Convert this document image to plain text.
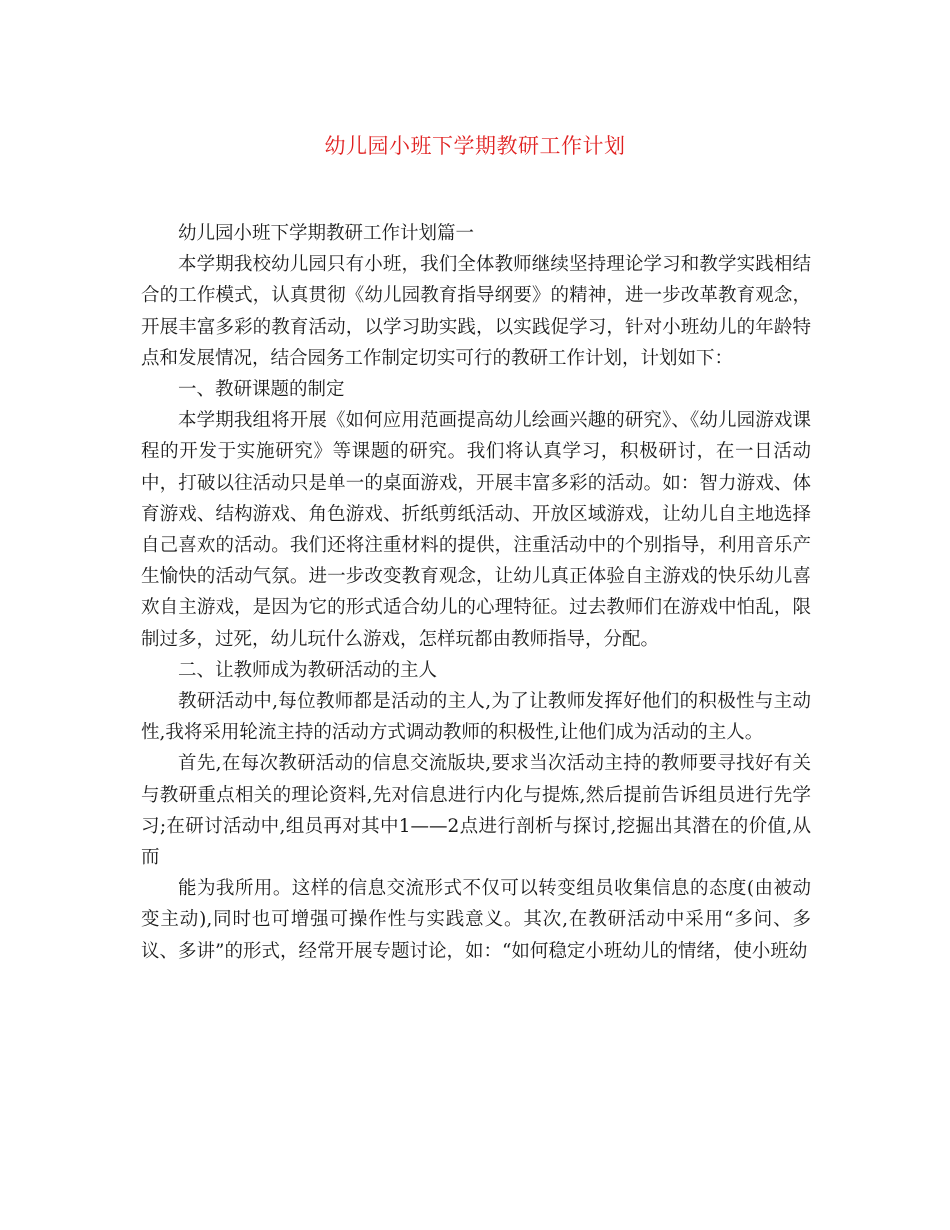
幼儿园小班下学期教研工作计划

幼儿园小班下学期教研工作计划篇一

本学期我校幼儿园只有小班，我们全体教师继续坚持理论学习和教学实践相结合的工作模式，认真贯彻《幼儿园教育指导纲要》的精神，进一步改革教育观念，开展丰富多彩的教育活动，以学习助实践，以实践促学习，针对小班幼儿的年龄特点和发展情况，结合园务工作制定切实可行的教研工作计划，计划如下：

一、教研课题的制定

本学期我组将开展《如何应用范画提高幼儿绘画兴趣的研究》、《幼儿园游戏课程的开发于实施研究》等课题的研究。我们将认真学习，积极研讨，在一日活动中，打破以往活动只是单一的桌面游戏，开展丰富多彩的活动。如：智力游戏、体育游戏、结构游戏、角色游戏、折纸剪纸活动、开放区域游戏，让幼儿自主地选择自己喜欢的活动。我们还将注重材料的提供，注重活动中的个别指导，利用音乐产生愉快的活动气氛。进一步改变教育观念，让幼儿真正体验自主游戏的快乐幼儿喜欢自主游戏，是因为它的形式适合幼儿的心理特征。过去教师们在游戏中怕乱，限制过多，过死，幼儿玩什么游戏，怎样玩都由教师指导，分配。

二、让教师成为教研活动的主人

教研活动中,每位教师都是活动的主人,为了让教师发挥好他们的积极性与主动性,我将采用轮流主持的活动方式调动教师的积极性,让他们成为活动的主人。

首先,在每次教研活动的信息交流版块,要求当次活动主持的教师要寻找好有关与教研重点相关的理论资料,先对信息进行内化与提炼,然后提前告诉组员进行先学习;在研讨活动中,组员再对其中1——2点进行剖析与探讨,挖掘出其潜在的价值,从而

能为我所用。这样的信息交流形式不仅可以转变组员收集信息的态度(由被动变主动),同时也可增强可操作性与实践意义。其次,在教研活动中采用“多问、多议、多讲”的形式，经常开展专题讨论，如：“如何稳定小班幼儿的情绪，使小班幼
